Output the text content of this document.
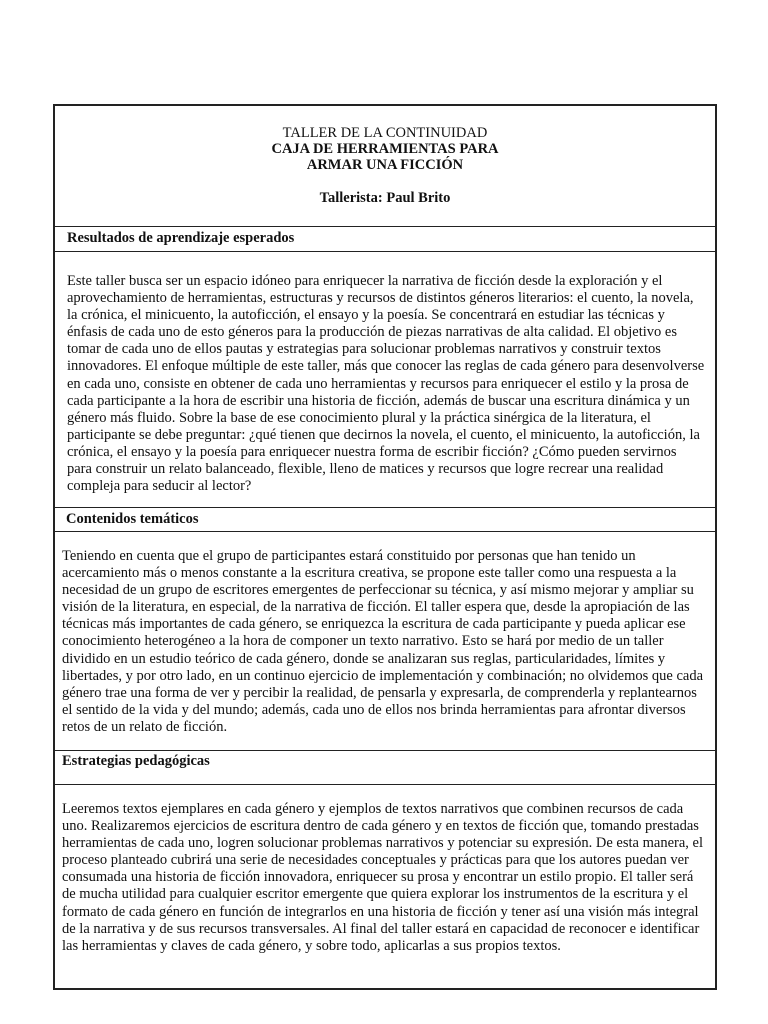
TALLER DE LA CONTINUIDAD
CAJA DE HERRAMIENTAS PARA
ARMAR UNA FICCIÓN
Tallerista: Paul Brito
Resultados de aprendizaje esperados

Este taller busca ser un espacio idóneo para enriquecer la narrativa de ficción desde la exploración y el aprovechamiento de herramientas, estructuras y recursos de distintos géneros literarios: el cuento, la novela, la crónica, el minicuento, la autoficción, el ensayo y la poesía. Se concentrará en estudiar las técnicas y énfasis de cada uno de esto géneros para la producción de piezas narrativas de alta calidad. El objetivo es tomar de cada uno de ellos pautas y estrategias para solucionar problemas narrativos y construir textos innovadores. El enfoque múltiple de este taller, más que conocer las reglas de cada género para desenvolverse en cada uno, consiste en obtener de cada uno herramientas y recursos para enriquecer el estilo y la prosa de cada participante a la hora de escribir una historia de ficción, además de buscar una escritura dinámica y un género más fluido. Sobre la base de ese conocimiento plural y la práctica sinérgica de la literatura, el participante se debe preguntar: ¿qué tienen que decirnos la novela, el cuento, el minicuento, la autoficción, la crónica, el ensayo y la poesía para enriquecer nuestra forma de escribir ficción? ¿Cómo pueden servirnos para construir un relato balanceado, flexible, lleno de matices y recursos que logre recrear una realidad compleja para seducir al lector?

Contenidos temáticos

Teniendo en cuenta que el grupo de participantes estará constituido por personas que han tenido un acercamiento más o menos constante a la escritura creativa, se propone este taller como una respuesta a la necesidad de un grupo de escritores emergentes de perfeccionar su técnica, y así mismo mejorar y ampliar su visión de la literatura, en especial, de la narrativa de ficción. El taller espera que, desde la apropiación de las técnicas más importantes de cada género, se enriquezca la escritura de cada participante y pueda aplicar ese conocimiento heterogéneo a la hora de componer un texto narrativo. Esto se hará por medio de un taller dividido en un estudio teórico de cada género, donde se analizaran sus reglas, particularidades, límites y libertades, y por otro lado, en un continuo ejercicio de implementación y combinación; no olvidemos que cada género trae una forma de ver y percibir la realidad, de pensarla y expresarla, de comprenderla y replantearnos el sentido de la vida y del mundo; además, cada uno de ellos nos brinda herramientas para afrontar diversos retos de un relato de ficción.

Estrategias pedagógicas

Leeremos textos ejemplares en cada género y ejemplos de textos narrativos que combinen recursos de cada uno. Realizaremos ejercicios de escritura dentro de cada género y en textos de ficción que, tomando prestadas herramientas de cada uno, logren solucionar problemas narrativos y potenciar su expresión. De esta manera, el proceso planteado cubrirá una serie de necesidades conceptuales y prácticas para que los autores puedan ver consumada una historia de ficción innovadora, enriquecer su prosa y encontrar un estilo propio. El taller será de mucha utilidad para cualquier escritor emergente que quiera explorar los instrumentos de la escritura y el formato de cada género en función de integrarlos en una historia de ficción y tener así una visión más integral de la narrativa y de sus recursos transversales. Al final del taller estará en capacidad de reconocer e identificar las herramientas y claves de cada género, y sobre todo, aplicarlas a sus propios textos.
